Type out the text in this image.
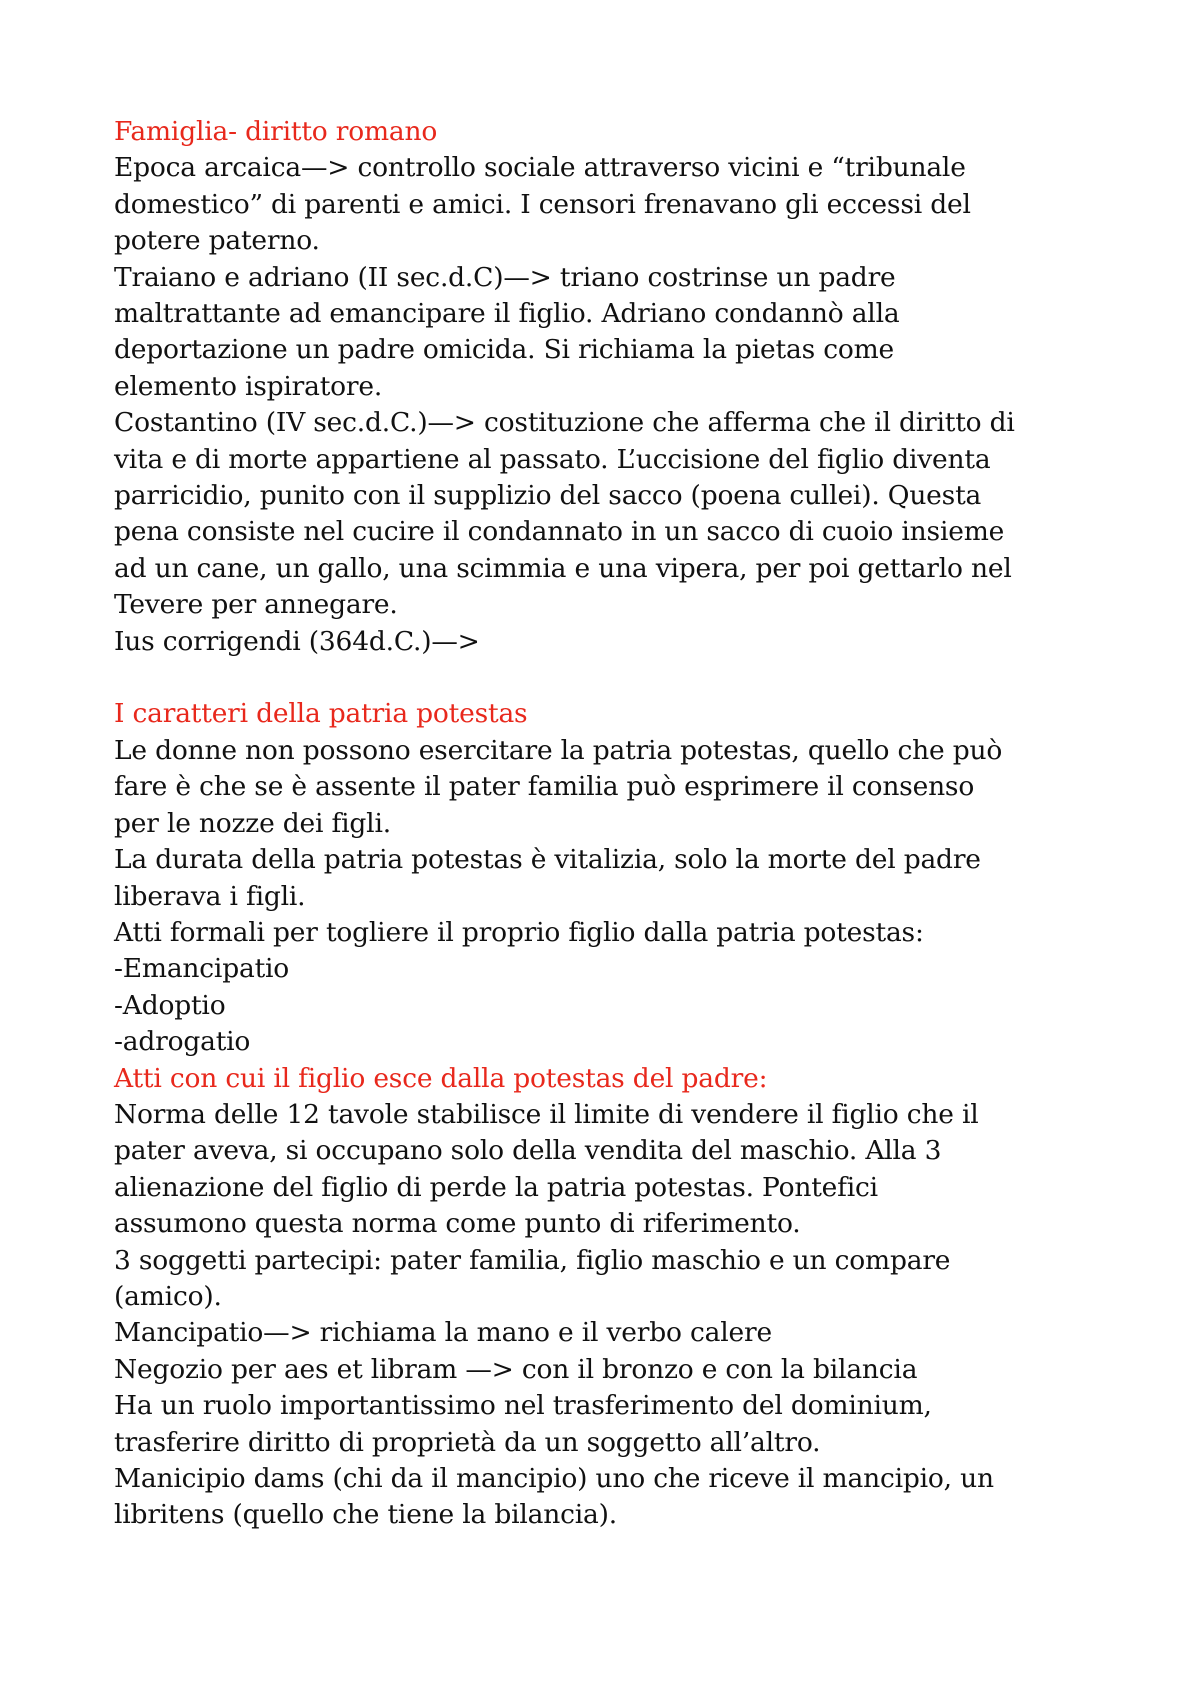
Famiglia- diritto romano
Epoca arcaica—> controllo sociale attraverso vicini e “tribunale
domestico” di parenti e amici. I censori frenavano gli eccessi del
potere paterno.
Traiano e adriano (II sec.d.C)—> triano costrinse un padre
maltrattante ad emancipare il figlio. Adriano condannò alla
deportazione un padre omicida. Si richiama la pietas come
elemento ispiratore.
Costantino (IV sec.d.C.)—> costituzione che afferma che il diritto di
vita e di morte appartiene al passato. L’uccisione del figlio diventa
parricidio, punito con il supplizio del sacco (poena cullei). Questa
pena consiste nel cucire il condannato in un sacco di cuoio insieme
ad un cane, un gallo, una scimmia e una vipera, per poi gettarlo nel
Tevere per annegare.
Ius corrigendi (364d.C.)—>
I caratteri della patria potestas
Le donne non possono esercitare la patria potestas, quello che può
fare è che se è assente il pater familia può esprimere il consenso
per le nozze dei figli.
La durata della patria potestas è vitalizia, solo la morte del padre
liberava i figli.
Atti formali per togliere il proprio figlio dalla patria potestas:
-Emancipatio
-Adoptio
-adrogatio
Atti con cui il figlio esce dalla potestas del padre:
Norma delle 12 tavole stabilisce il limite di vendere il figlio che il
pater aveva, si occupano solo della vendita del maschio. Alla 3
alienazione del figlio di perde la patria potestas. Pontefici
assumono questa norma come punto di riferimento.
3 soggetti partecipi: pater familia, figlio maschio e un compare
(amico).
Mancipatio—> richiama la mano e il verbo calere
Negozio per aes et libram —> con il bronzo e con la bilancia
Ha un ruolo importantissimo nel trasferimento del dominium,
trasferire diritto di proprietà da un soggetto all’altro.
Manicipio dams (chi da il mancipio) uno che riceve il mancipio, un
libritens (quello che tiene la bilancia).
